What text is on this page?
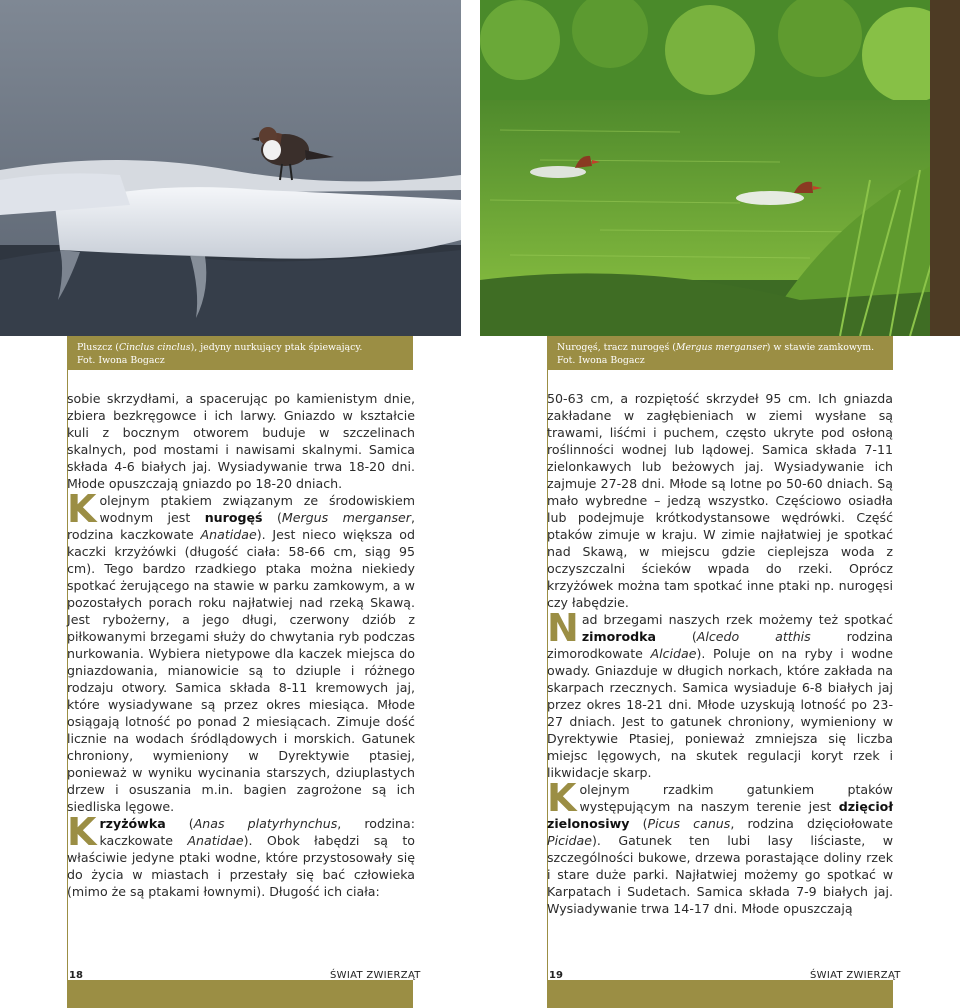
Pluszcz (Cinclus cinclus), jedyny nurkujący ptak śpiewający.
Fot. Iwona Bogacz
Nurogęś, tracz nurogęś (Mergus merganser) w stawie zamkowym.
Fot. Iwona Bogacz

sobie skrzydłami, a spacerując po kamienistym dnie, zbiera bezkręgowce i ich larwy. Gniazdo w kształcie kuli z bocznym otworem buduje w szczelinach skalnych, pod mostami i nawisami skalnymi. Samica składa 4-6 białych jaj. Wysiadywanie trwa 18-20 dni. Młode opuszczają gniazdo po 18-20 dniach.

Kolejnym ptakiem związanym ze środowiskiem wodnym jest nurogęś (Mergus merganser, rodzina kaczkowate Anatidae). Jest nieco większa od kaczki krzyżówki (długość ciała: 58-66 cm, siąg 95 cm). Tego bardzo rzadkiego ptaka można niekiedy spotkać żerującego na stawie w parku zamkowym, a w pozostałych porach roku najłatwiej nad rzeką Skawą. Jest rybożerny, a jego długi, czerwony dziób z piłkowanymi brzegami służy do chwytania ryb podczas nurkowania. Wybiera nietypowe dla kaczek miejsca do gniazdowania, mianowicie są to dziuple i różnego rodzaju otwory. Samica składa 8-11 kremowych jaj, które wysiadywane są przez okres miesiąca. Młode osiągają lotność po ponad 2 miesiącach. Zimuje dość licznie na wodach śródlądowych i morskich. Gatunek chroniony, wymieniony w Dyrektywie ptasiej, ponieważ w wyniku wycinania starszych, dziuplastych drzew i osuszania m.in. bagien zagrożone są ich siedliska lęgowe.

Krzyżówka (Anas platyrhynchus, rodzina: kaczkowate Anatidae). Obok łabędzi są to właściwie jedyne ptaki wodne, które przystosowały się do życia w miastach i przestały się bać człowieka (mimo że są ptakami łownymi). Długość ich ciała:

50-63 cm, a rozpiętość skrzydeł 95 cm. Ich gniazda zakładane w zagłębieniach w ziemi wysłane są trawami, liśćmi i puchem, często ukryte pod osłoną roślinności wodnej lub lądowej. Samica składa 7-11 zielonkawych lub beżowych jaj. Wysiadywanie ich zajmuje 27-28 dni. Młode są lotne po 50-60 dniach. Są mało wybredne – jedzą wszystko. Częściowo osiadła lub podejmuje krótkodystansowe wędrówki. Część ptaków zimuje w kraju. W zimie najłatwiej je spotkać nad Skawą, w miejscu gdzie cieplejsza woda z oczyszczalni ścieków wpada do rzeki. Oprócz krzyżówek można tam spotkać inne ptaki np. nurogęsi czy łabędzie.

Nad brzegami naszych rzek możemy też spotkać zimorodka (Alcedo atthis rodzina zimorodkowate Alcidae). Poluje on na ryby i wodne owady. Gniazduje w długich norkach, które zakłada na skarpach rzecznych. Samica wysiaduje 6-8 białych jaj przez okres 18-21 dni. Młode uzyskują lotność po 23-27 dniach. Jest to gatunek chroniony, wymieniony w Dyrektywie Ptasiej, ponieważ zmniejsza się liczba miejsc lęgowych, na skutek regulacji koryt rzek i likwidacje skarp.

Kolejnym rzadkim gatunkiem ptaków występującym na naszym terenie jest dzięcioł zielonosiwy (Picus canus, rodzina dzięciołowate Picidae). Gatunek ten lubi lasy liściaste, w szczególności bukowe, drzewa porastające doliny rzek i stare duże parki. Najłatwiej możemy go spotkać w Karpatach i Sudetach. Samica składa 7-9 białych jaj. Wysiadywanie trwa 14-17 dni. Młode opuszczają

18	ŚWIAT ZWIERZĄT	19	ŚWIAT ZWIERZĄT
